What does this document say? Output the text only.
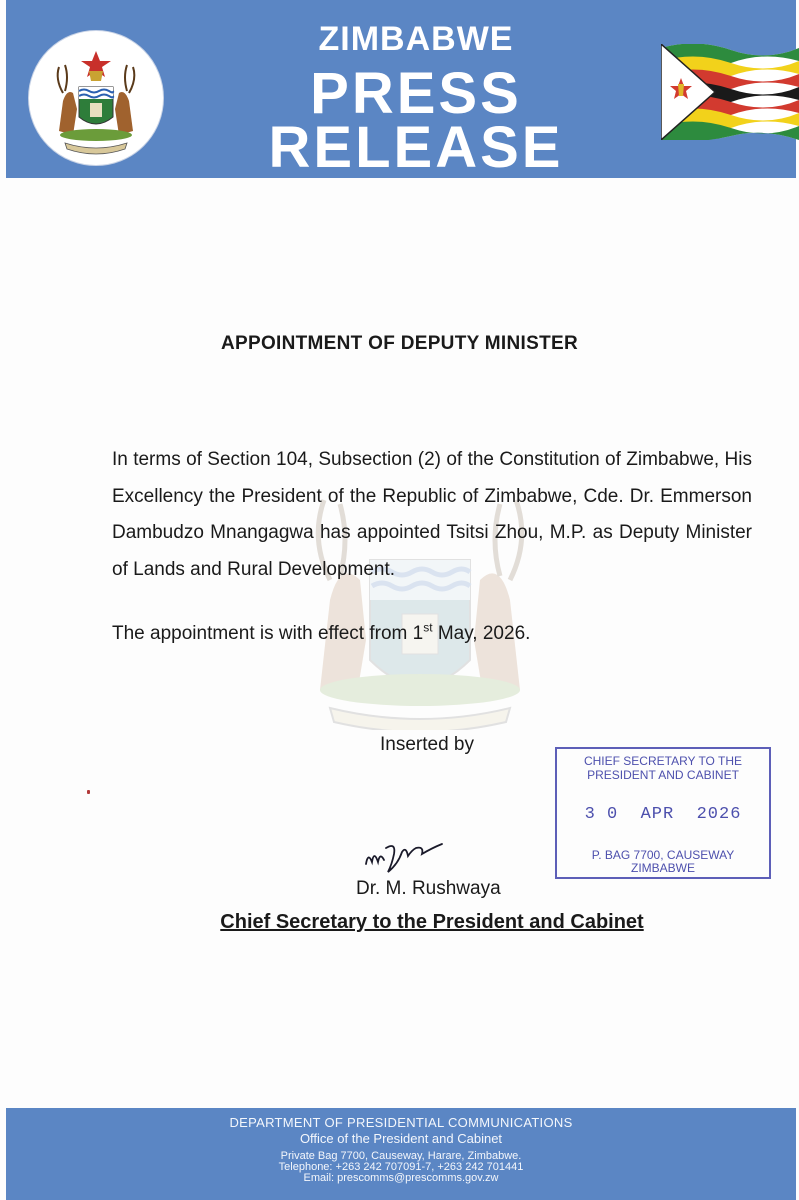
ZIMBABWE
PRESS
RELEASE
APPOINTMENT OF DEPUTY MINISTER
In terms of Section 104, Subsection (2) of the Constitution of Zimbabwe, His Excellency the President of the Republic of Zimbabwe, Cde. Dr. Emmerson Dambudzo Mnangagwa has appointed Tsitsi Zhou, M.P. as Deputy Minister of Lands and Rural Development.
The appointment is with effect from 1st May, 2026.
Inserted by
CHIEF SECRETARY TO THE
PRESIDENT AND CABINET
3 0  APR  2026
P. BAG 7700, CAUSEWAY
ZIMBABWE
Dr. M. Rushwaya
Chief Secretary to the President and Cabinet
DEPARTMENT OF PRESIDENTIAL COMMUNICATIONS
Office of the President and Cabinet
Private Bag 7700, Causeway, Harare, Zimbabwe.
Telephone: +263 242 707091-7, +263 242 701441
Email: prescomms@prescomms.gov.zw
